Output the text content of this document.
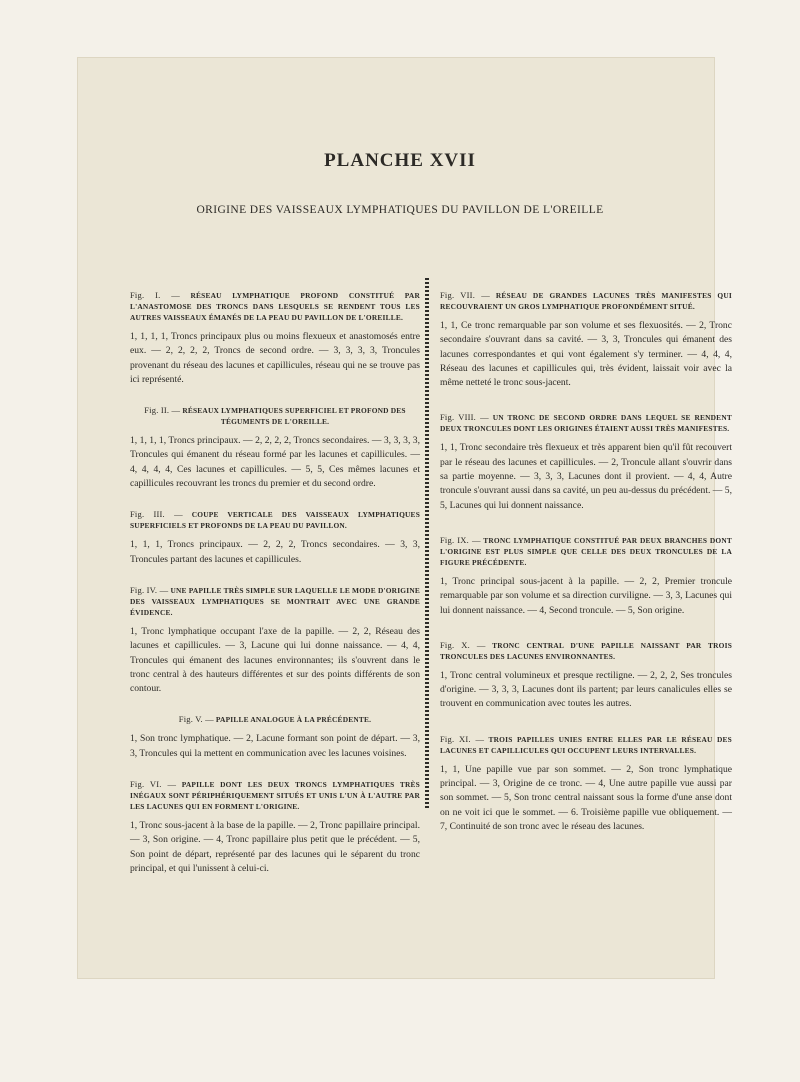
PLANCHE XVII
ORIGINE DES VAISSEAUX LYMPHATIQUES DU PAVILLON DE L'OREILLE

Fig. I. — RÉSEAU LYMPHATIQUE PROFOND CONSTITUÉ PAR L'ANASTOMOSE DES TRONCS DANS LESQUELS SE RENDENT TOUS LES AUTRES VAISSEAUX ÉMANÉS DE LA PEAU DU PAVILLON DE L'OREILLE.

1, 1, 1, 1, Troncs principaux plus ou moins flexueux et anastomosés entre eux. — 2, 2, 2, 2, Troncs de second ordre. — 3, 3, 3, 3, Troncules provenant du réseau des lacunes et capillicules, réseau qui ne se trouve pas ici représenté.

Fig. II. — RÉSEAUX LYMPHATIQUES SUPERFICIEL ET PROFOND DES TÉGUMENTS DE L'OREILLE.

1, 1, 1, 1, Troncs principaux. — 2, 2, 2, 2, Troncs secondaires. — 3, 3, 3, 3, Troncules qui émanent du réseau formé par les lacunes et capillicules. — 4, 4, 4, 4, Ces lacunes et capillicules. — 5, 5, Ces mêmes lacunes et capillicules recouvrant les troncs du premier et du second ordre.

Fig. III. — COUPE VERTICALE DES VAISSEAUX LYMPHATIQUES SUPERFICIELS ET PROFONDS DE LA PEAU DU PAVILLON.

1, 1, 1, Troncs principaux. — 2, 2, 2, Troncs secondaires. — 3, 3, Troncules partant des lacunes et capillicules.

Fig. IV. — UNE PAPILLE TRÈS SIMPLE SUR LAQUELLE LE MODE D'ORIGINE DES VAISSEAUX LYMPHATIQUES SE MONTRAIT AVEC UNE GRANDE ÉVIDENCE.

1, Tronc lymphatique occupant l'axe de la papille. — 2, 2, Réseau des lacunes et capillicules. — 3, Lacune qui lui donne naissance. — 4, 4, Troncules qui émanent des lacunes environnantes; ils s'ouvrent dans le tronc central à des hauteurs différentes et sur des points différents de son contour.

Fig. V. — PAPILLE ANALOGUE À LA PRÉCÉDENTE.

1, Son tronc lymphatique. — 2, Lacune formant son point de départ. — 3, 3, Troncules qui la mettent en communication avec les lacunes voisines.

Fig. VI. — PAPILLE DONT LES DEUX TRONCS LYMPHATIQUES TRÈS INÉGAUX SONT PÉRIPHÉRIQUEMENT SITUÉS ET UNIS L'UN À L'AUTRE PAR LES LACUNES QUI EN FORMENT L'ORIGINE.

1, Tronc sous-jacent à la base de la papille. — 2, Tronc papillaire principal. — 3, Son origine. — 4, Tronc papillaire plus petit que le précédent. — 5, Son point de départ, représenté par des lacunes qui le séparent du tronc principal, et qui l'unissent à celui-ci.

Fig. VII. — RÉSEAU DE GRANDES LACUNES TRÈS MANIFESTES QUI RECOUVRAIENT UN GROS LYMPHATIQUE PROFONDÉMENT SITUÉ.

1, 1, Ce tronc remarquable par son volume et ses flexuosités. — 2, Tronc secondaire s'ouvrant dans sa cavité. — 3, 3, Troncules qui émanent des lacunes correspondantes et qui vont également s'y terminer. — 4, 4, 4, Réseau des lacunes et capillicules qui, très évident, laissait voir avec la même netteté le tronc sous-jacent.

Fig. VIII. — UN TRONC DE SECOND ORDRE DANS LEQUEL SE RENDENT DEUX TRONCULES DONT LES ORIGINES ÉTAIENT AUSSI TRÈS MANIFESTES.

1, 1, Tronc secondaire très flexueux et très apparent bien qu'il fût recouvert par le réseau des lacunes et capillicules. — 2, Troncule allant s'ouvrir dans sa partie moyenne. — 3, 3, 3, Lacunes dont il provient. — 4, 4, Autre troncule s'ouvrant aussi dans sa cavité, un peu au-dessus du précédent. — 5, 5, Lacunes qui lui donnent naissance.

Fig. IX. — TRONC LYMPHATIQUE CONSTITUÉ PAR DEUX BRANCHES DONT L'ORIGINE EST PLUS SIMPLE QUE CELLE DES DEUX TRONCULES DE LA FIGURE PRÉCÉDENTE.

1, Tronc principal sous-jacent à la papille. — 2, 2, Premier troncule remarquable par son volume et sa direction curviligne. — 3, 3, Lacunes qui lui donnent naissance. — 4, Second troncule. — 5, Son origine.

Fig. X. — TRONC CENTRAL D'UNE PAPILLE NAISSANT PAR TROIS TRONCULES DES LACUNES ENVIRONNANTES.

1, Tronc central volumineux et presque rectiligne. — 2, 2, 2, Ses troncules d'origine. — 3, 3, 3, Lacunes dont ils partent; par leurs canalicules elles se trouvent en communication avec toutes les autres.

Fig. XI. — TROIS PAPILLES UNIES ENTRE ELLES PAR LE RÉSEAU DES LACUNES ET CAPILLICULES QUI OCCUPENT LEURS INTERVALLES.

1, 1, Une papille vue par son sommet. — 2, Son tronc lymphatique principal. — 3, Origine de ce tronc. — 4, Une autre papille vue aussi par son sommet. — 5, Son tronc central naissant sous la forme d'une anse dont on ne voit ici que le sommet. — 6. Troisième papille vue obliquement. — 7, Continuité de son tronc avec le réseau des lacunes.
